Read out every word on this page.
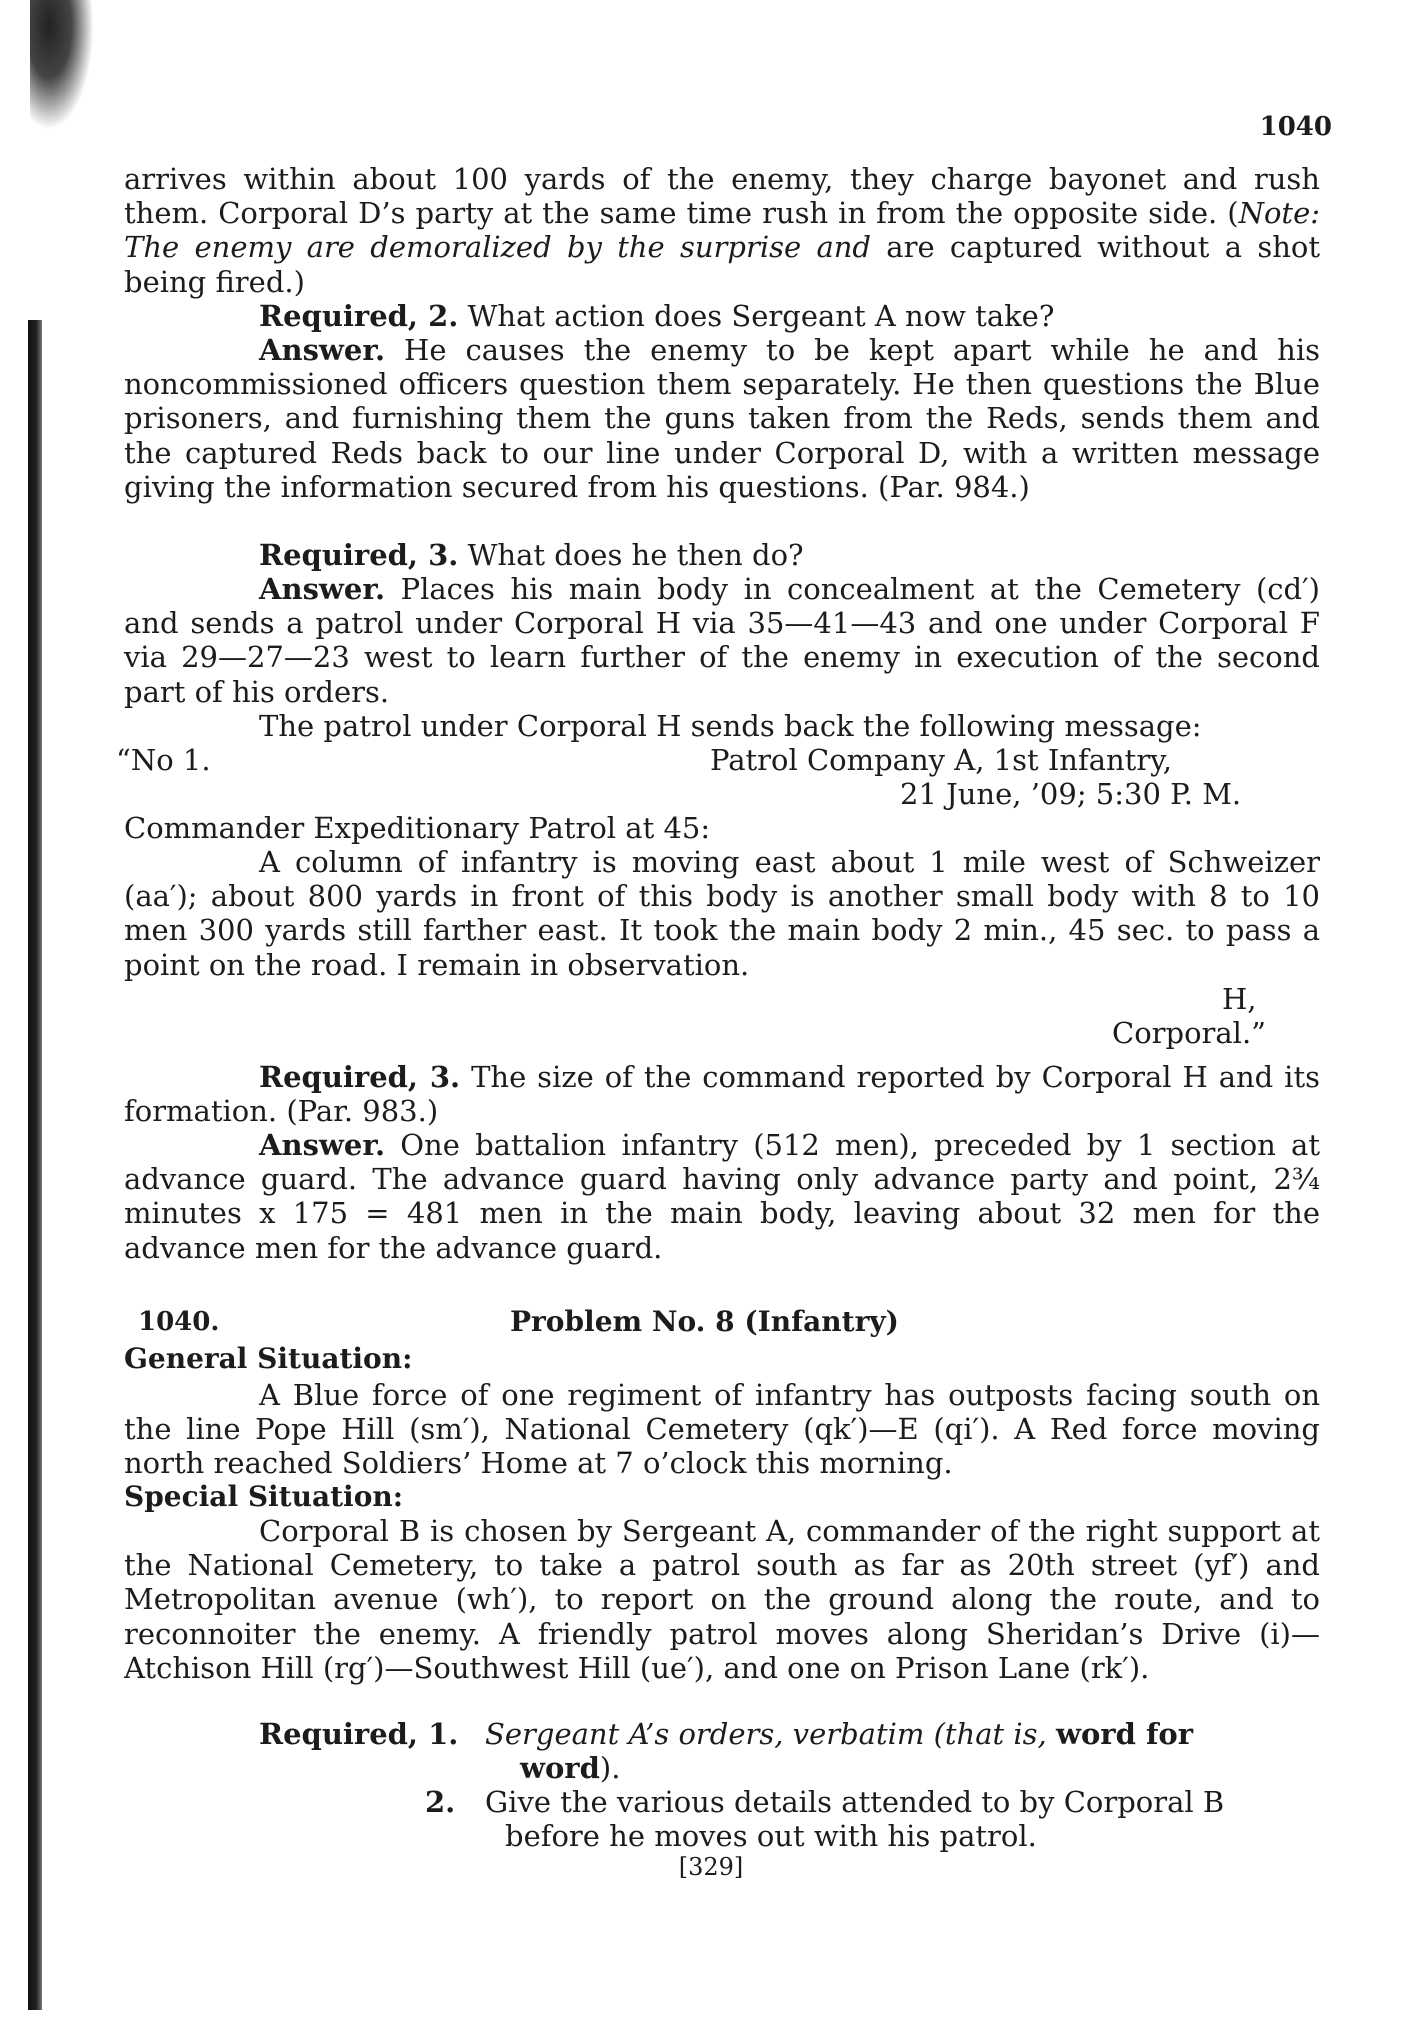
1040

arrives within about 100 yards of the enemy, they charge bayonet and rush them. Corporal D’s party at the same time rush in from the opposite side. (Note: The enemy are demoralized by the surprise and are captured without a shot being fired.)

Required, 2. What action does Sergeant A now take?

Answer. He causes the enemy to be kept apart while he and his noncommissioned officers question them separately. He then questions the Blue prisoners, and furnishing them the guns taken from the Reds, sends them and the captured Reds back to our line under Corporal D, with a written message giving the information secured from his questions. (Par. 984.)

Required, 3. What does he then do?

Answer. Places his main body in concealment at the Cemetery (cd′) and sends a patrol under Corporal H via 35—41—43 and one under Corporal F via 29—27—23 west to learn further of the enemy in execution of the second part of his orders.

The patrol under Corporal H sends back the following message:

“No 1.	Patrol Company A, 1st Infantry,
21 June, ’09; 5:30 P. M.

Commander Expeditionary Patrol at 45:

A column of infantry is moving east about 1 mile west of Schweizer (aa′); about 800 yards in front of this body is another small body with 8 to 10 men 300 yards still farther east. It took the main body 2 min., 45 sec. to pass a point on the road. I remain in observation.

H,
Corporal.”

Required, 3. The size of the command reported by Corporal H and its formation. (Par. 983.)

Answer. One battalion infantry (512 men), preceded by 1 section at advance guard. The advance guard having only advance party and point, 2¾ minutes x 175 = 481 men in the main body, leaving about 32 men for the advance men for the advance guard.

1040.	Problem No. 8 (Infantry)
General Situation:

A Blue force of one regiment of infantry has outposts facing south on the line Pope Hill (sm′), National Cemetery (qk′)—E (qi′). A Red force moving north reached Soldiers’ Home at 7 o’clock this morning.

Special Situation:

Corporal B is chosen by Sergeant A, commander of the right support at the National Cemetery, to take a patrol south as far as 20th street (yf′) and Metropolitan avenue (wh′), to report on the ground along the route, and to reconnoiter the enemy. A friendly patrol moves along Sheridan’s Drive (i)—Atchison Hill (rg′)—Southwest Hill (ue′), and one on Prison Lane (rk′).

Required, 1. Sergeant A’s orders, verbatim (that is, word for
word).
2. Give the various details attended to by Corporal B
before he moves out with his patrol.
[329]
